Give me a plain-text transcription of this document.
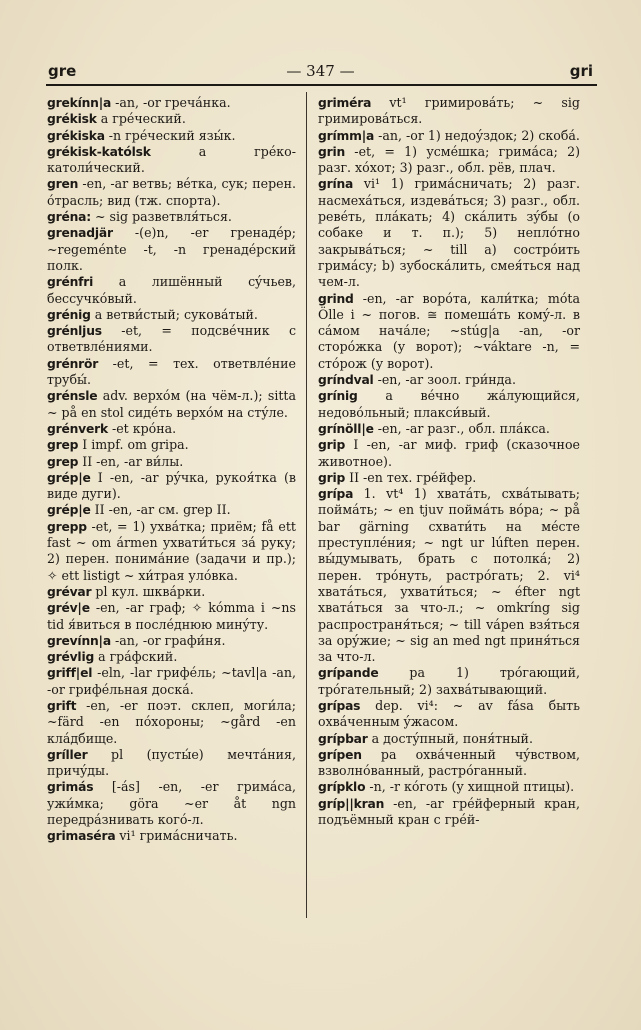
gre	— 347 —	gri

grekínn|a -an, -or гречáнка.

grékisk a грéческий.

grékiska -n грéческий язы́к.

grékisk-katólsk a грéко-католи́ческий.

gren -en, -ar ветвь; вéтка, сук; перен. óтрасль; вид (тж. спортa).

gréna: ~ sig разветвля́ться.

grenadjär -(e)n, -er гренадéр; ~regeménte -t, -n гренадéрский полк.

grénfri a лишённый сýчьев, бессучкóвый.

grénig a ветви́стый; сукова́тый.

grénljus -et, = подсвéчник с ответвлéниями.

grénrör -et, = тех. ответвлéние трубы́.

grénsle adv. верхóм (на чём-л.); sitta ~ på en stol сидéть верхóм на стýле.

grénverk -et крóна.

grep I impf. om gripa.

grep II -en, -ar ви́лы.

grép|e I -en, -ar рýчка, рукоя́тка (в виде дуги).

grép|e II -en, -ar см. grep II.

grepp -et, = 1) ухвáтка; приём; få ett fast ~ om ármen ухвати́ться зá руку; 2) перен. понимáние (задачи и пр.); ✧ ett listigt ~ хи́трая улóвка.

grévar pl кул. шквáрки.

grév|e -en, -ar граф; ✧ kómma i ~ns tid я́виться в послéднюю минýту.

grevínn|a -an, -or графи́ня.

grévlig a грáфский.

griff|el -eln, -lar грифéль; ~tavl|a -an, -or грифéльная доскá.

grift -en, -er поэт. склеп, моги́ла; ~färd -en пóхороны; ~gård -en клáдбище.

gríller pl (пусты́е) мечтáния, причýды.

grimás [-ás] -en, -er гримáса, ужи́мка; göra ~er åt ngn передрáзнивать когó-л.

grimaséra vi¹ гримáсничать.

griméra vt¹ гримировáть; ~ sig гримировáться.

grímm|a -an, -or 1) недоýздок; 2) скобá.

grin -et, = 1) усмéшка; гримáса; 2) разг. хóхот; 3) разг., обл. рёв, плач.

grína vi¹ 1) гримáсничать; 2) разг. насмехáться, издевáться; 3) разг., обл. ревéть, плáкать; 4) скáлить зýбы (о собаке и т. п.); 5) неплóтно закрывáться; ~ till a) сострóить гримáсу; b) зубоскáлить, смея́ться над чем-л.

grind -en, -ar ворóта, кали́тка; móta Ölle i ~ погов. ≅ помешáть комý-л. в сáмом начáле; ~stúg|a -an, -or сторóжка (у ворот); ~váktare -n, = стóрож (у ворот).

gríndval -en, -ar зоол. гри́нда.

grínig a вéчно жáлующийся, недовóльный; плакси́вый.

grínöll|e -en, -ar разг., обл. плáкса.

grip I -en, -ar миф. гриф (сказочное животное).

grip II -en тех. грéйфер.

grípa 1. vt⁴ 1) хватáть, схвáтывать; поймáть; ~ en tjuv поймáть вóра; ~ på bar gärning схвати́ть на мéсте преступлéния; ~ ngt ur lúften перен. вы́думывать, брать с потолкá; 2) перен. трóнуть, растрóгать; 2. vi⁴ хватáться, ухвати́ться; ~ éfter ngt хватáться за что-л.; ~ omkríng sig распространя́ться; ~ till vápen взя́ться за орýжие; ~ sig an med ngt приня́ться за что-л.

grípande pa 1) трóгающий, трóгательный; 2) захвáтывающий.

grípas dep. vi⁴: ~ av fása быть охвáченным ýжасом.

grípbar a достýпный, поня́тный.

grípen pa охвáченный чýвством, взволнóванный, растрóганный.

grípklo -n, -r кóготь (у хищной птицы).

gríp||kran -en, -ar грéйферный кран, подъёмный кран с грéй-
